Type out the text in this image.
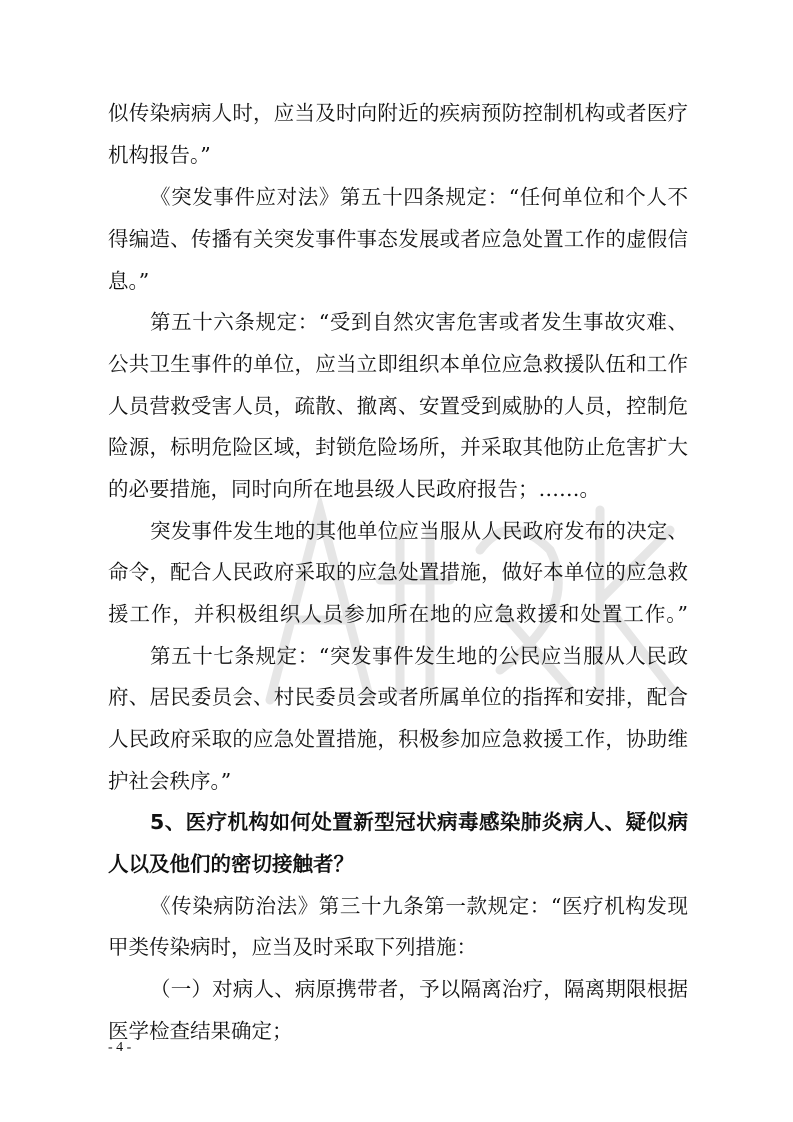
似传染病病人时，应当及时向附近的疾病预防控制机构或者医疗
机构报告。”
《突发事件应对法》第五十四条规定：“任何单位和个人不
得编造、传播有关突发事件事态发展或者应急处置工作的虚假信
息。”
第五十六条规定：“受到自然灾害危害或者发生事故灾难、
公共卫生事件的单位，应当立即组织本单位应急救援队伍和工作
人员营救受害人员，疏散、撤离、安置受到威胁的人员，控制危
险源，标明危险区域，封锁危险场所，并采取其他防止危害扩大
的必要措施，同时向所在地县级人民政府报告；……。
突发事件发生地的其他单位应当服从人民政府发布的决定、
命令，配合人民政府采取的应急处置措施，做好本单位的应急救
援工作，并积极组织人员参加所在地的应急救援和处置工作。”
第五十七条规定：“突发事件发生地的公民应当服从人民政
府、居民委员会、村民委员会或者所属单位的指挥和安排，配合
人民政府采取的应急处置措施，积极参加应急救援工作，协助维
护社会秩序。”
5、医疗机构如何处置新型冠状病毒感染肺炎病人、疑似病
人以及他们的密切接触者？
《传染病防治法》第三十九条第一款规定：“医疗机构发现
甲类传染病时，应当及时采取下列措施：
（一）对病人、病原携带者，予以隔离治疗，隔离期限根据
医学检查结果确定；
- 4 -
